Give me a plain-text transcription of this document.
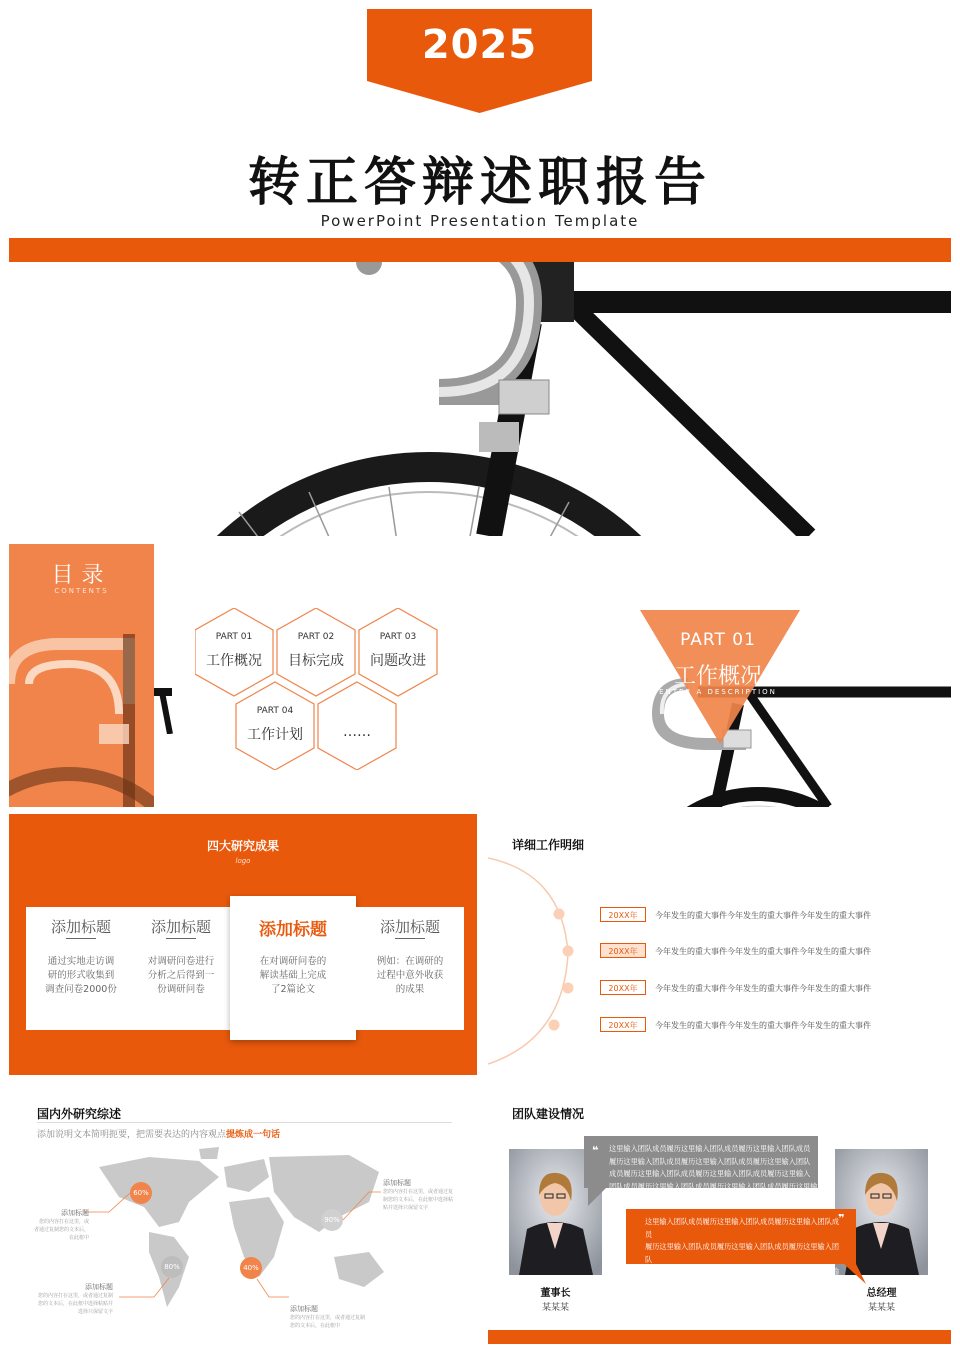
2025
转正答辩述职报告
PowerPoint Presentation Template
目录
CONTENTS
PART 01
工作概况
PART 02
目标完成
PART 03
问题改进
PART 04
工作计划	……
PART 01
工作概况
ENTER A DESCRIPTION
四大研究成果
logo
添加标题
通过实地走访调
研的形式收集到
调查问卷2000份
添加标题
对调研问卷进行
分析之后得到一
份调研问卷
添加标题
在对调研问卷的
解读基础上完成
了2篇论文
添加标题
例如：在调研的
过程中意外收获
的成果
详细工作明细
20XX年	今年发生的重大事件今年发生的重大事件今年发生的重大事件
20XX年	今年发生的重大事件今年发生的重大事件今年发生的重大事件
20XX年	今年发生的重大事件今年发生的重大事件今年发生的重大事件
20XX年	今年发生的重大事件今年发生的重大事件今年发生的重大事件
国内外研究综述
添加说明文本简明扼要，把需要表达的内容观点提炼成一句话
60%
90%
80%	40%
添加标题
您的内容打在这里，或
者通过复制您的文本后，
在此框中
添加标题
您的内容打在这里，或者通过复
制您的文本后，在此框中选择粘
贴并选择只保留文字
添加标题
您的内容打在这里，或者通过复制
您的文本后，在此框中选择粘贴并
选择只保留文字	添加标题
您的内容打在这里，或者通过复制
您的文本后，在此框中
团队建设情况
❝
❞
这里输入团队成员履历这里输入团队成员履历这里输入团队成员
履历这里输入团队成员履历这里输入团队成员履历这里输入团队
成员履历这里输入团队成员履历这里输入团队成员履历这里输入
团队成员履历这里输入团队成员履历这里输入团队成员履历这里输入
这里输入团队成员履历这里输入团队成员履历这里输入团队成员
履历这里输入团队成员履历这里输入团队成员履历这里输入团队
成员履历这里输入团队成员履历这里输入团队成员履历这里输入
团队成员履历这里输入团队成员履历这里输入团队成员履历这里输入
董事长
某某某
总经理
某某某
